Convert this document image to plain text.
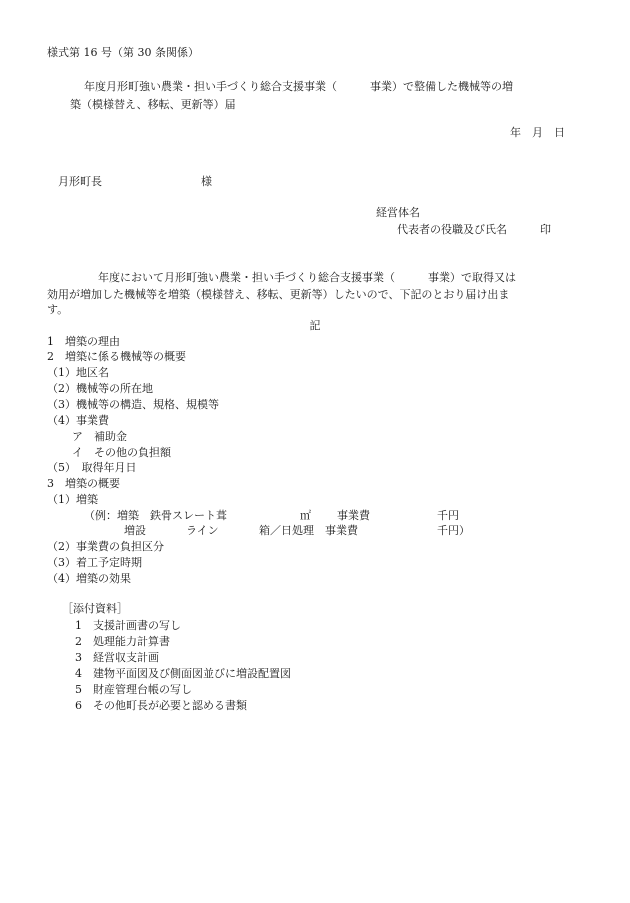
様式第 16 号（第 30 条関係）
年度月形町強い農業・担い手づくり総合支援事業（　　　事業）で整備した機械等の増
築（模様替え、移転、更新等）届
年　月　日
月形町長　　　　　　　　　様
経営体名
代表者の役職及び氏名　　　印
年度において月形町強い農業・担い手づくり総合支援事業（　　　事業）で取得又は
効用が増加した機械等を増築（模様替え、移転、更新等）したいので、下記のとおり届け出ま
す。
記
1　増築の理由
2　増築に係る機械等の概要
（1）地区名
（2）機械等の所在地
（3）機械等の構造、規格、規模等
（4）事業費
ア　補助金
イ　その他の負担額
（5）　取得年月日
3　増築の概要
（1）増築
（例：増築　鉄骨スレート葺	㎡ 事業費	千円
増設	ライン	箱／日処理　事業費	千円）
（2）事業費の負担区分
（3）着工予定時期
（4）増築の効果
［添付資料］
1　支援計画書の写し
2　処理能力計算書
3　経営収支計画
4　建物平面図及び側面図並びに増設配置図
5　財産管理台帳の写し
6　その他町長が必要と認める書類
